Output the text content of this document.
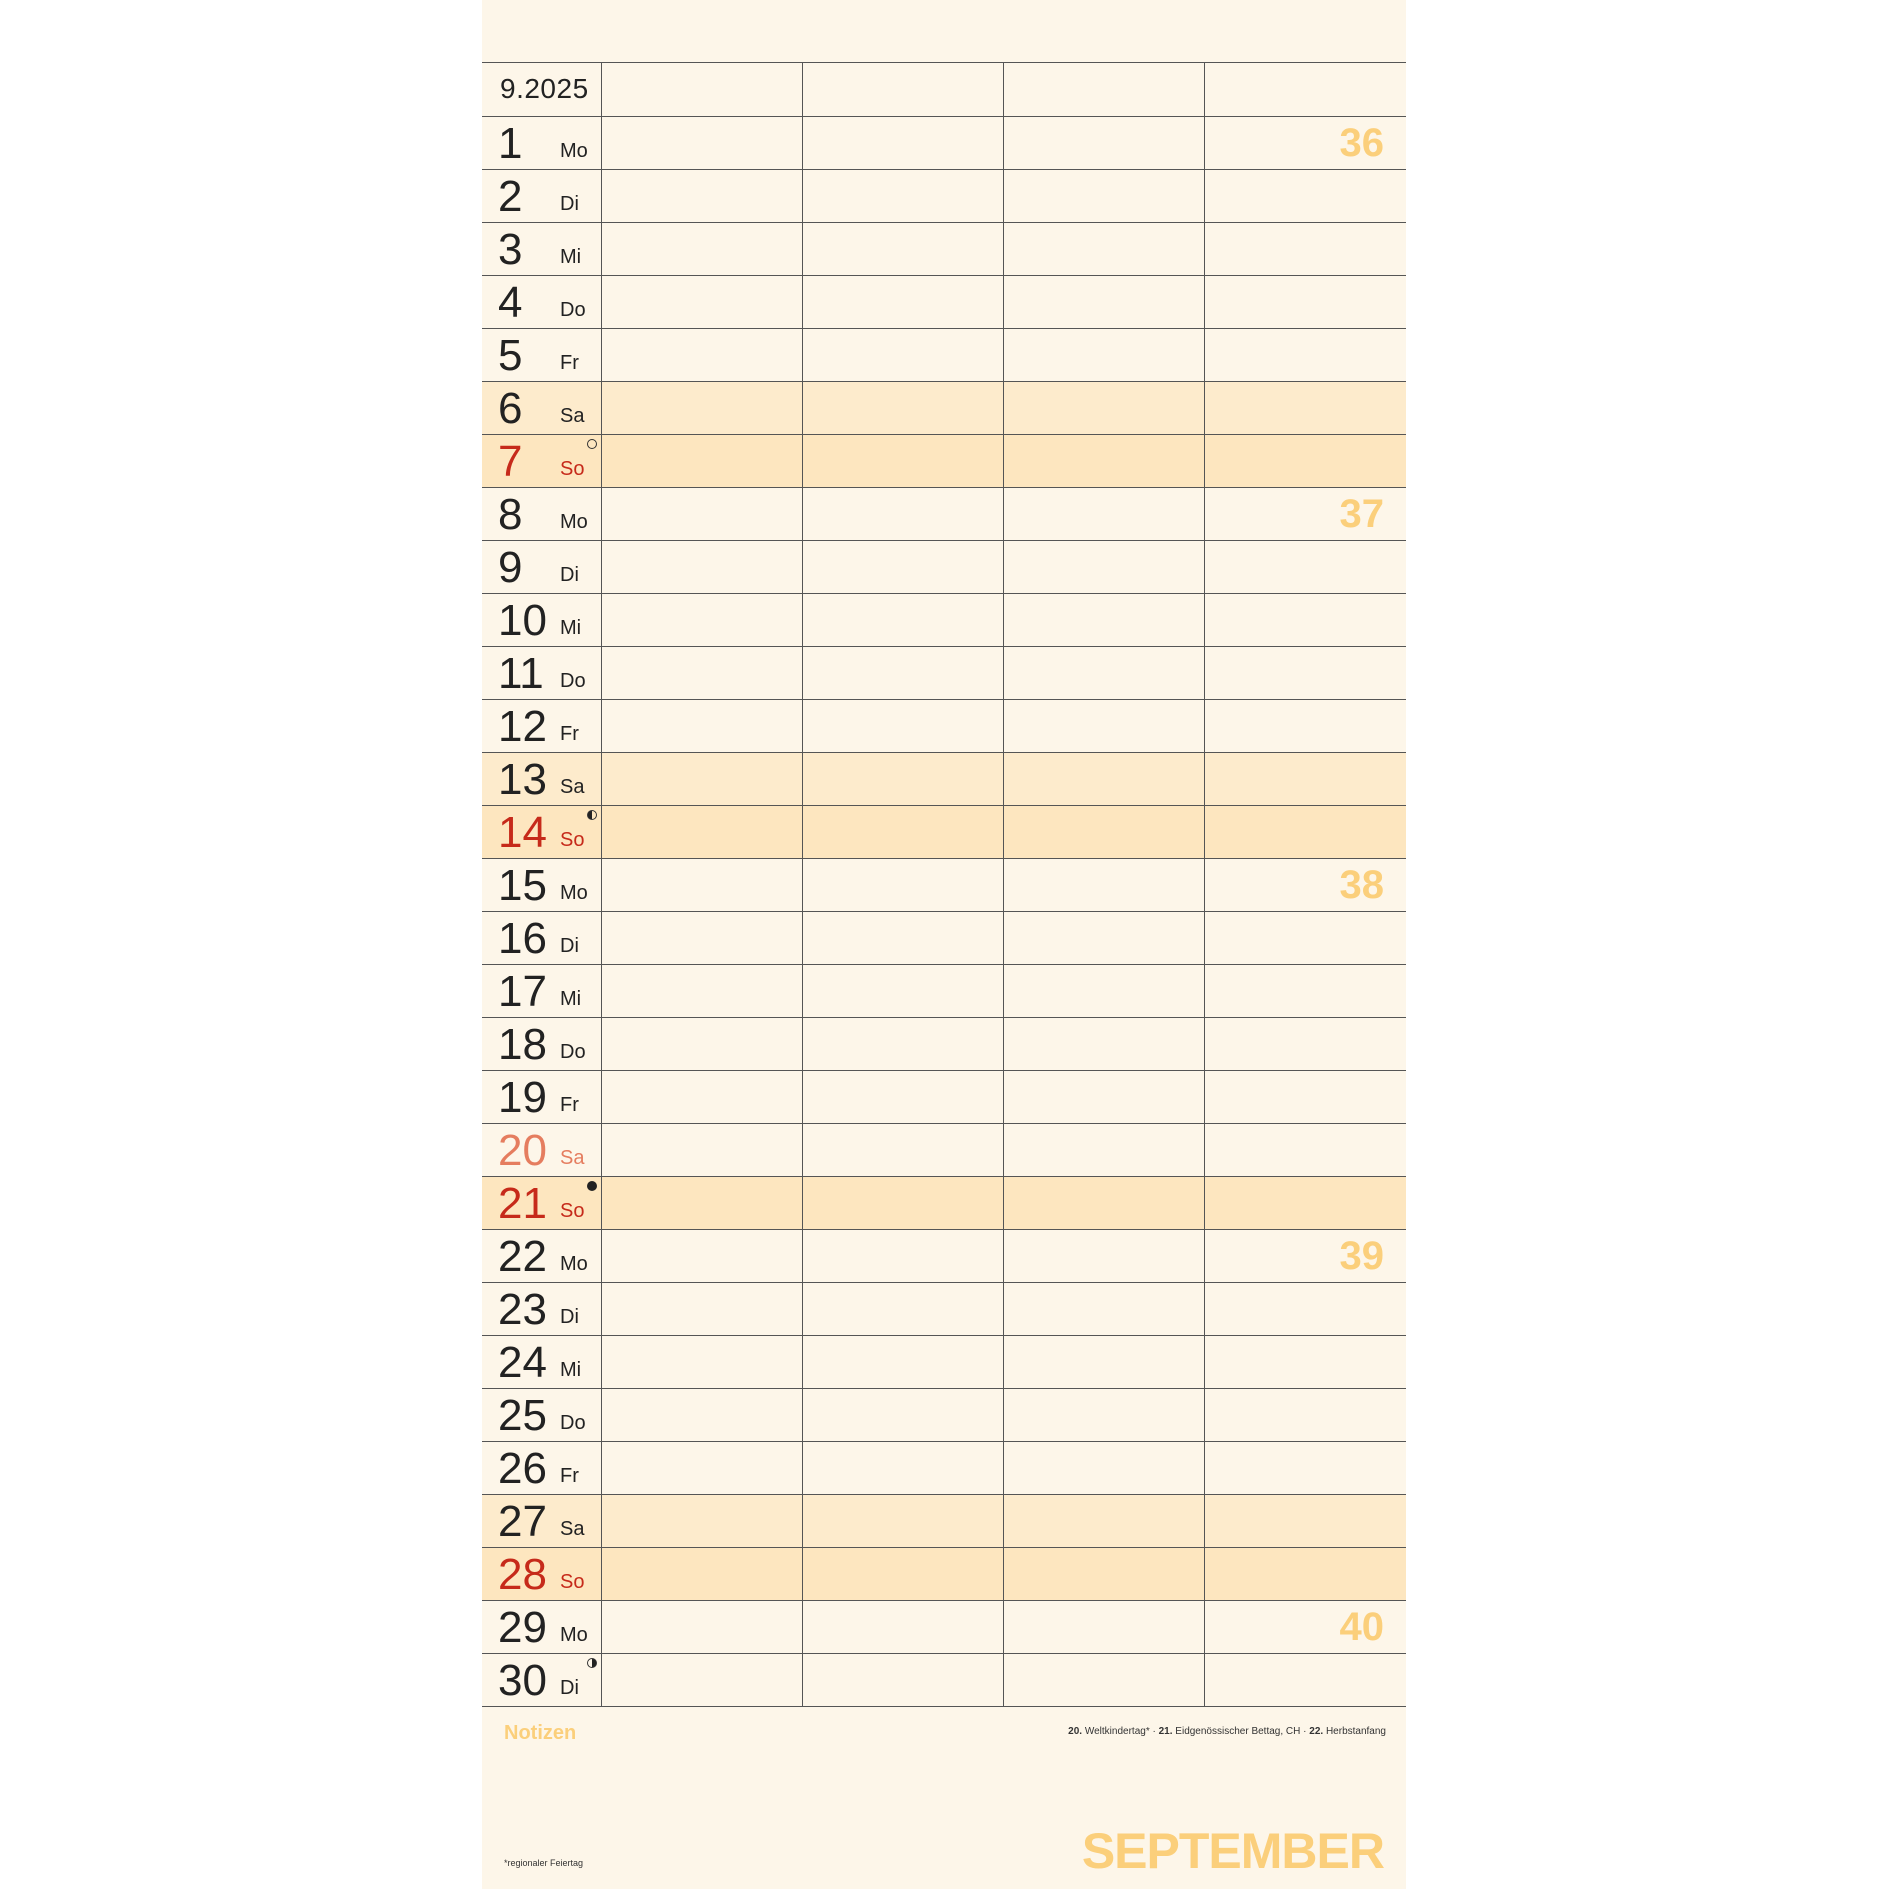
9.2025
1 Mo	36
2 Di
3 Mi
4 Do
5 Fr
6 Sa
7 So
8 Mo	37
9 Di
10 Mi
11 Do
12 Fr
13 Sa
14 So
15 Mo	38
16 Di
17 Mi
18 Do
19 Fr
20 Sa
21 So
22 Mo	39
23 Di
24 Mi
25 Do
26 Fr
27 Sa
28 So
29 Mo	40
30 Di
Notizen	20. Weltkindertag* · 21. Eidgenössischer Bettag, CH · 22. Herbstanfang
*regionaler Feiertag	SEPTEMBER
